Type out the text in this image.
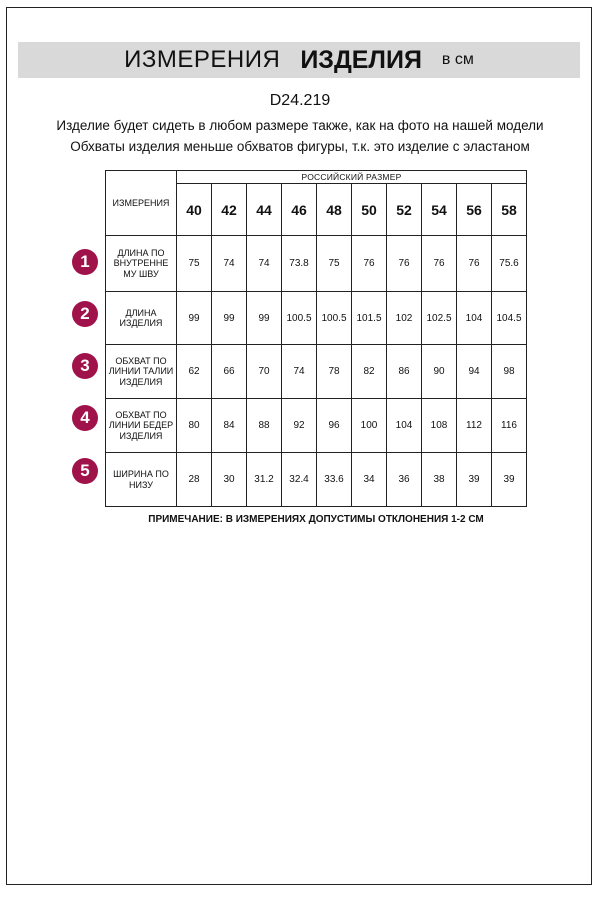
ИЗМЕРЕНИЯ ИЗДЕЛИЯ в см
D24.219
Изделие будет сидеть в любом размере также, как на фото на нашей модели
Обхваты изделия меньше обхватов фигуры, т.к. это изделие с эластаном
ИЗМЕРЕНИЯ	РОССИЙСКИЙ РАЗМЕР									
	40	42	44	46	48	50	52	54	56	58
ДЛИНА ПО ВНУТРЕННЕ МУ ШВУ	75	74	74	73.8	75	76	76	76	76	75.6
ДЛИНА ИЗДЕЛИЯ	99	99	99	100.5	100.5	101.5	102	102.5	104	104.5
ОБХВАТ ПО ЛИНИИ ТАЛИИ ИЗДЕЛИЯ	62	66	70	74	78	82	86	90	94	98
ОБХВАТ ПО ЛИНИИ БЕДЕР ИЗДЕЛИЯ	80	84	88	92	96	100	104	108	112	116
ШИРИНА ПО НИЗУ	28	30	31.2	32.4	33.6	34	36	38	39	39
1
2
3
4
5
ПРИМЕЧАНИЕ: В ИЗМЕРЕНИЯХ ДОПУСТИМЫ ОТКЛОНЕНИЯ 1-2 СМ
